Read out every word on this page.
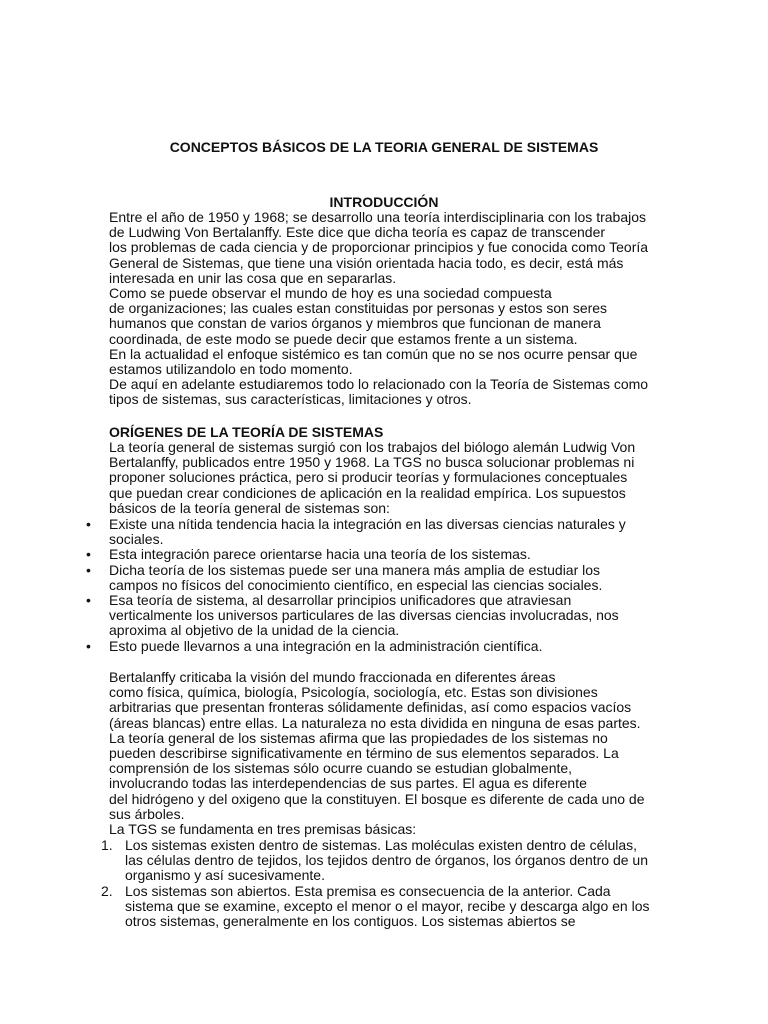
CONCEPTOS BÁSICOS DE LA TEORIA GENERAL DE SISTEMAS
INTRODUCCIÓN
Entre el año de 1950 y 1968; se desarrollo una teoría interdisciplinaria con los trabajos
de Ludwing Von Bertalanffy. Este dice que dicha teoría es capaz de transcender
los problemas de cada ciencia y de proporcionar principios y fue conocida como Teoría
General de Sistemas, que tiene una visión orientada hacia todo, es decir, está más
interesada en unir las cosa que en separarlas.
Como se puede observar el mundo de hoy es una sociedad compuesta
de organizaciones; las cuales estan constituidas por personas y estos son seres
humanos que constan de varios órganos y miembros que funcionan de manera
coordinada, de este modo se puede decir que estamos frente a un sistema.
En la actualidad el enfoque sistémico es tan común que no se nos ocurre pensar que
estamos utilizandolo en todo momento.
De aquí en adelante estudiaremos todo lo relacionado con la Teoría de Sistemas como
tipos de sistemas, sus características, limitaciones y otros.
ORÍGENES DE LA TEORÍA DE SISTEMAS
La teoría general de sistemas surgió con los trabajos del biólogo alemán Ludwig Von
Bertalanffy, publicados entre 1950 y 1968. La TGS no busca solucionar problemas ni
proponer soluciones práctica, pero si producir teorías y formulaciones conceptuales
que puedan crear condiciones de aplicación en la realidad empírica. Los supuestos
básicos de la teoría general de sistemas son:
•	Existe una nítida tendencia hacia la integración en las diversas ciencias naturales y
sociales.
•	Esta integración parece orientarse hacia una teoría de los sistemas.
•	Dicha teoría de los sistemas puede ser una manera más amplia de estudiar los
campos no físicos del conocimiento científico, en especial las ciencias sociales.
•	Esa teoría de sistema, al desarrollar principios unificadores que atraviesan
verticalmente los universos particulares de las diversas ciencias involucradas, nos
aproxima al objetivo de la unidad de la ciencia.
•	Esto puede llevarnos a una integración en la administración científica.
Bertalanffy criticaba la visión del mundo fraccionada en diferentes áreas
como física, química, biología, Psicología, sociología, etc. Estas son divisiones
arbitrarias que presentan fronteras sólidamente definidas, así como espacios vacíos
(áreas blancas) entre ellas. La naturaleza no esta dividida en ninguna de esas partes.
La teoría general de los sistemas afirma que las propiedades de los sistemas no
pueden describirse significativamente en término de sus elementos separados. La
comprensión de los sistemas sólo ocurre cuando se estudian globalmente,
involucrando todas las interdependencias de sus partes. El agua es diferente
del hidrógeno y del oxigeno que la constituyen. El bosque es diferente de cada uno de
sus árboles.
La TGS se fundamenta en tres premisas básicas:
1. Los sistemas existen dentro de sistemas. Las moléculas existen dentro de células,
las células dentro de tejidos, los tejidos dentro de órganos, los órganos dentro de un
organismo y así sucesivamente.
2. Los sistemas son abiertos. Esta premisa es consecuencia de la anterior. Cada
sistema que se examine, excepto el menor o el mayor, recibe y descarga algo en los
otros sistemas, generalmente en los contiguos. Los sistemas abiertos se
